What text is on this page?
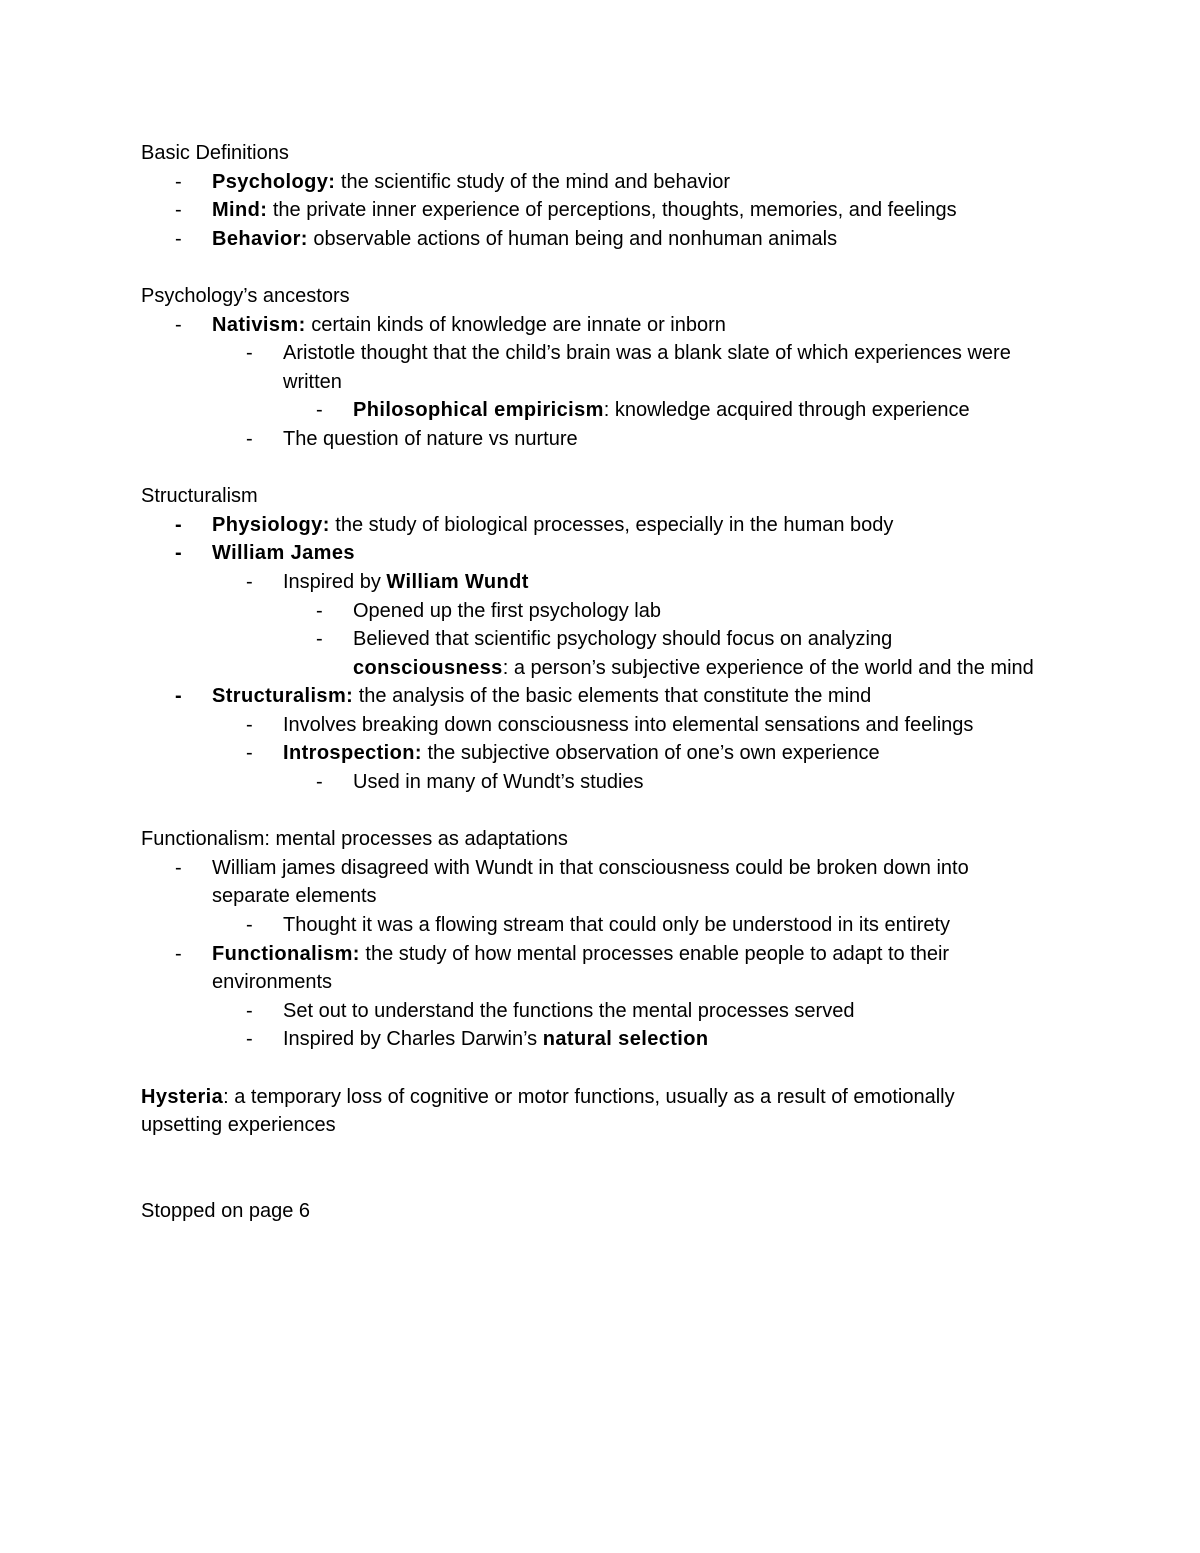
Basic Definitions

- Psychology: the scientific study of the mind and behavior
- Mind: the private inner experience of perceptions, thoughts, memories, and feelings
- Behavior: observable actions of human being and nonhuman animals

Psychology’s ancestors

- Nativism: certain kinds of knowledge are innate or inborn
- Aristotle thought that the child’s brain was a blank slate of which experiences were written
- Philosophical empiricism: knowledge acquired through experience
- The question of nature vs nurture

Structuralism

- Physiology: the study of biological processes, especially in the human body
- William James
- Inspired by William Wundt
- Opened up the first psychology lab
- Believed that scientific psychology should focus on analyzing consciousness: a person’s subjective experience of the world and the mind
- Structuralism: the analysis of the basic elements that constitute the mind
- Involves breaking down consciousness into elemental sensations and feelings
- Introspection: the subjective observation of one’s own experience
- Used in many of Wundt’s studies

Functionalism: mental processes as adaptations

- William james disagreed with Wundt in that consciousness could be broken down into separate elements
- Thought it was a flowing stream that could only be understood in its entirety
- Functionalism: the study of how mental processes enable people to adapt to their environments
- Set out to understand the functions the mental processes served
- Inspired by Charles Darwin’s natural selection

Hysteria: a temporary loss of cognitive or motor functions, usually as a result of emotionally upsetting experiences

Stopped on page 6
